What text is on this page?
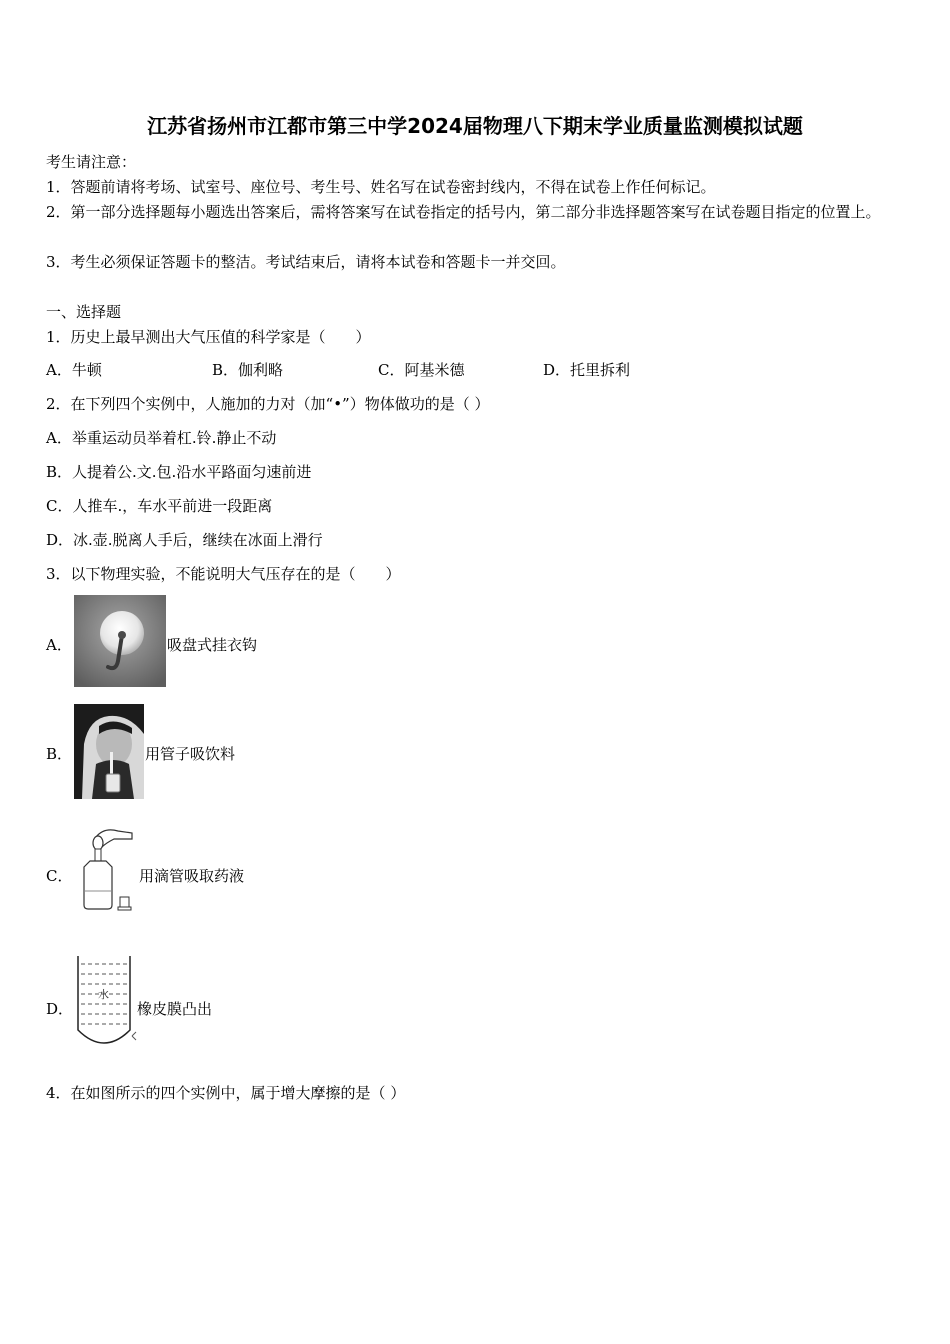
江苏省扬州市江都市第三中学2024届物理八下期末学业质量监测模拟试题
考生请注意：
1．答题前请将考场、试室号、座位号、考生号、姓名写在试卷密封线内，不得在试卷上作任何标记。
2．第一部分选择题每小题选出答案后，需将答案写在试卷指定的括号内，第二部分非选择题答案写在试卷题目指定的位置上。
3．考生必须保证答题卡的整洁。考试结束后，请将本试卷和答题卡一并交回。
一、选择题
1．历史上最早测出大气压值的科学家是（　　）
A．牛顿	B．伽利略	C．阿基米德	D．托里拆利
2．在下列四个实例中，人施加的力对（加“•”）物体做功的是（ ）
A．举重运动员举着杠.铃.静止不动
B．人提着公.文.包.沿水平路面匀速前进
C．人推车.，车水平前进一段距离
D．冰.壶.脱离人手后，继续在冰面上滑行
3．以下物理实验，不能说明大气压存在的是（　　）
A．	吸盘式挂衣钩
B．	用管子吸饮料
C．	用滴管吸取药液
D．
水
橡皮膜凸出
4．在如图所示的四个实例中，属于增大摩擦的是（ ）
